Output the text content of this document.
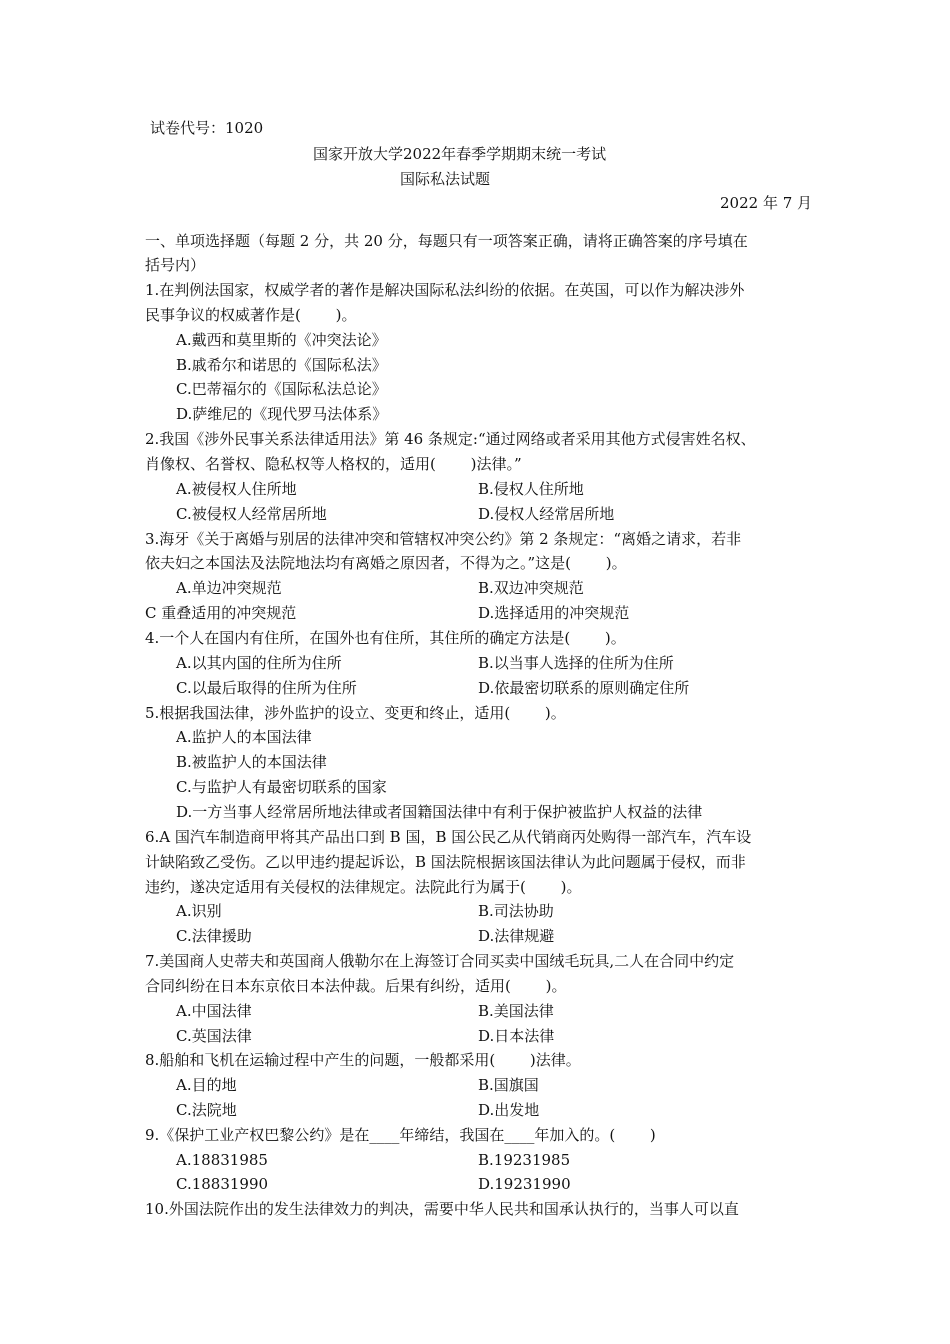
试卷代号：1020

国家开放大学2022年春季学期期末统一考试

国际私法试题

2022 年 7 月

一、单项选择题（每题 2 分，共 20 分，每题只有一项答案正确，请将正确答案的序号填在

括号内）

1.在判例法国家，权威学者的著作是解决国际私法纠纷的依据。在英国，可以作为解决涉外

民事争议的权威著作是(　　 )。

A.戴西和莫里斯的《冲突法论》

B.戚希尔和诺思的《国际私法》

C.巴蒂福尔的《国际私法总论》

D.萨维尼的《现代罗马法体系》

2.我国《涉外民事关系法律适用法》第 46 条规定:“通过网络或者采用其他方式侵害姓名权、

肖像权、名誉权、隐私权等人格权的，适用(　　 )法律。”

A.被侵权人住所地	B.侵权人住所地

C.被侵权人经常居所地	D.侵权人经常居所地

3.海牙《关于离婚与别居的法律冲突和管辖权冲突公约》第 2 条规定：“离婚之请求，若非

依夫妇之本国法及法院地法均有离婚之原因者，不得为之。”这是(　　 )。

A.单边冲突规范	B.双边冲突规范

C 重叠适用的冲突规范	D.选择适用的冲突规范

4.一个人在国内有住所，在国外也有住所，其住所的确定方法是(　　 )。

A.以其内国的住所为住所	B.以当事人选择的住所为住所

C.以最后取得的住所为住所	D.依最密切联系的原则确定住所

5.根据我国法律，涉外监护的设立、变更和终止，适用(　　 )。

A.监护人的本国法律

B.被监护人的本国法律

C.与监护人有最密切联系的国家

D.一方当事人经常居所地法律或者国籍国法律中有利于保护被监护人权益的法律

6.A 国汽车制造商甲将其产品出口到 B 国，B 国公民乙从代销商丙处购得一部汽车，汽车设

计缺陷致乙受伤。乙以甲违约提起诉讼，B 国法院根据该国法律认为此问题属于侵权，而非

违约，遂决定适用有关侵权的法律规定。法院此行为属于(　　 )。

A.识别	B.司法协助

C.法律援助	D.法律规避

7.美国商人史蒂夫和英国商人俄勒尔在上海签订合同买卖中国绒毛玩具,二人在合同中约定

合同纠纷在日本东京依日本法仲裁。后果有纠纷，适用(　　 )。

A.中国法律	B.美国法律

C.英国法律	D.日本法律

8.船舶和飞机在运输过程中产生的问题，一般都采用(　　 )法律。

A.目的地	B.国旗国

C.法院地	D.出发地

9.《保护工业产权巴黎公约》是在____年缔结，我国在____年加入的。(　　 )

A.18831985	B.19231985

C.18831990	D.19231990

10.外国法院作出的发生法律效力的判决，需要中华人民共和国承认执行的，当事人可以直
